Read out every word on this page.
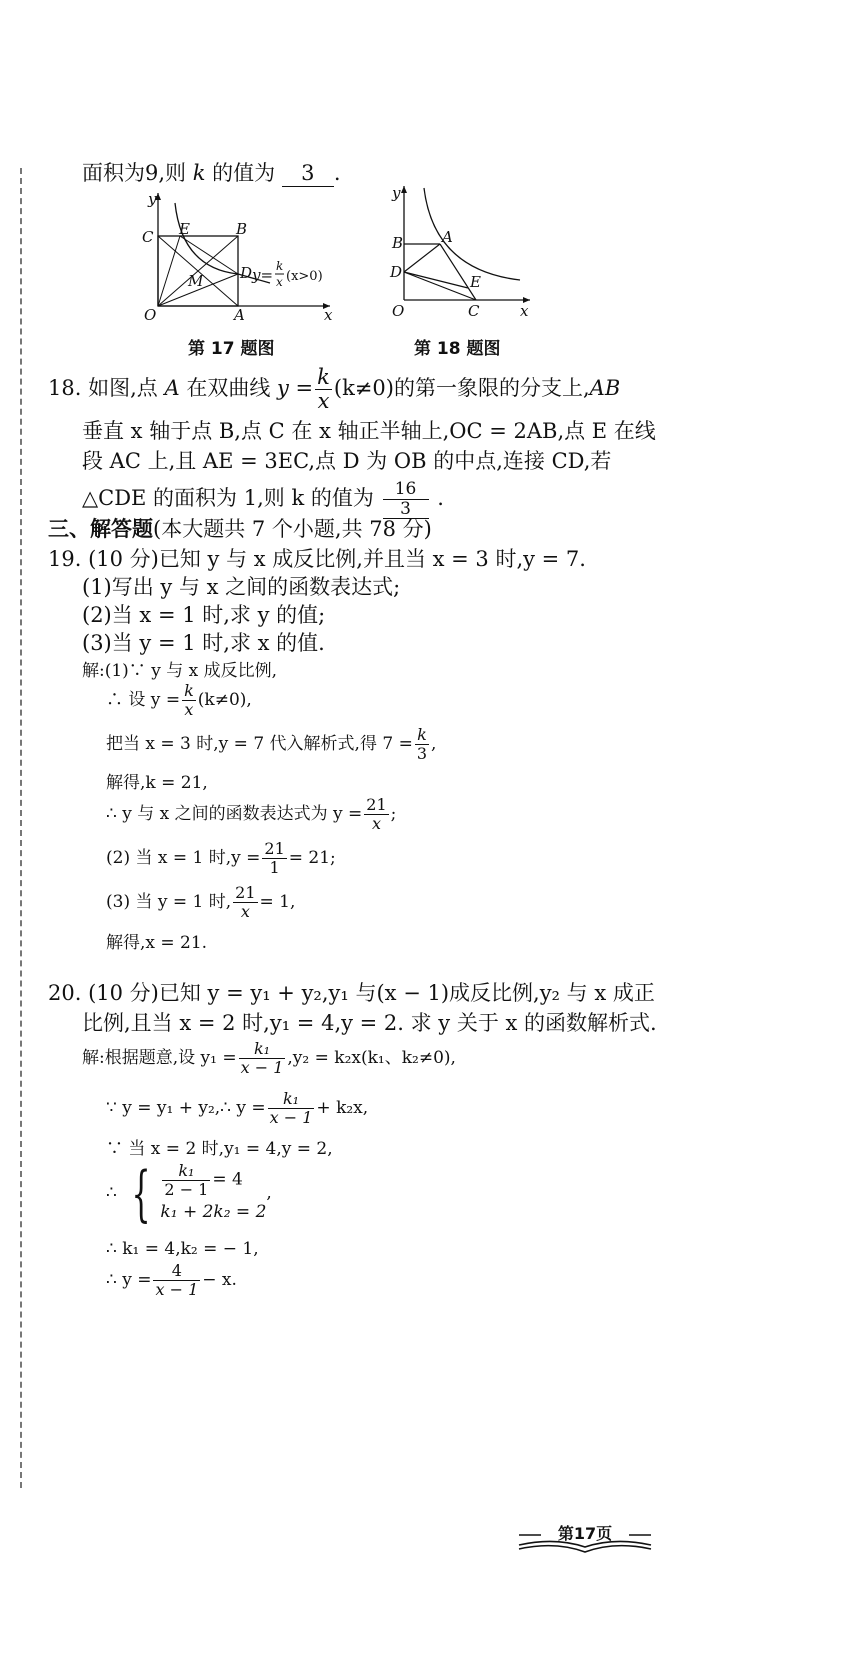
面积为9,则 k 的值为 3 .
y
x
O	A
B
C
D
E
M	y= k
x (x>0)
第 17 题图
y
x
O
A
B
C
D
E
第 18 题图
18. 如图,点 A 在双曲线 $y = \frac{k}{x} (k\ne 0)$的第一象限的分支上,AB
垂直 x 轴于点 B,点 C 在 x 轴正半轴上,OC = 2AB,点 E 在线
段 AC 上,且 AE = 3EC,点 D 为 OB 的中点,连接 CD,若
△CDE 的面积为 1,则 k 的值为 $\frac{16}{3}$ .
三、解答题(本大题共 7 个小题,共 78 分)
19. (10 分)已知 y 与 x 成反比例,并且当 x = 3 时,y = 7.
(1)写出 y 与 x 之间的函数表达式;
(2)当 x = 1 时,求 y 的值;
(3)当 y = 1 时,求 x 的值.
解:(1)∵ y 与 x 成反比例,
∴ 设 $y = \frac{k}{x} (k\ne 0)$,
把当 x = 3 时,y = 7 代入解析式,得 $7 = \frac{k}{3}$ ,
解得,k = 21,
∴ y 与 x 之间的函数表达式为 $y = \frac{21}{x}$ ;
(2) 当 x = 1 时$,y = \frac{21}{1} = 21$;
(3) 当 y = 1 时, $\frac{21}{x} = 1$,
解得,x = 21.
20. (10 分)已知 y = y₁ + y₂,y₁ 与(x − 1)成反比例,y₂ 与 x 成正
比例,且当 x = 2 时,y₁ = 4,y = 2. 求 y 关于 x 的函数解析式.
解:根据题意,设 $y_1 = \frac{\text{k₁}}{x - 1} ,y_2 = k_2x(k_1$、k₂≠0),
∵ y = y₁ + y₂,∴ $y = \frac{\text{k₁}}{x - 1} + k_2x$,
∵ 当 x = 2 时,y₁ = 4,y = 2,
∴ { $\frac{\text{k₁}}{2 - 1} = 4$
k₁ + 2k₂ = 2
,
∴ k₁ = 4,k₂ = − 1,
∴ $y = \frac{4}{x - 1} - x$.
第17页
